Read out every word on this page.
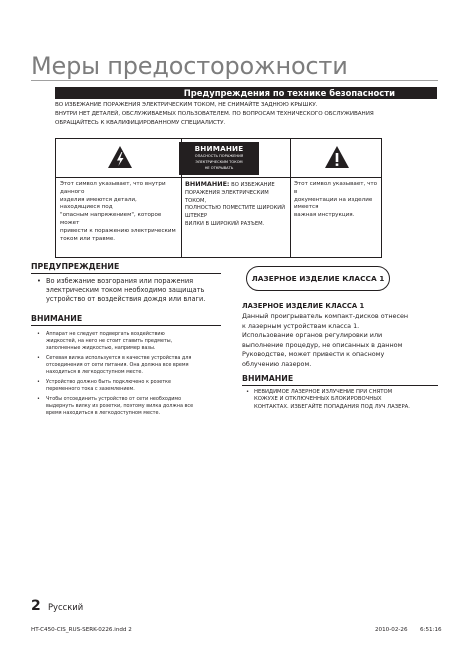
Меры предосторожности
Предупреждения по технике безопасности
ВО ИЗБЕЖАНИЕ ПОРАЖЕНИЯ ЭЛЕКТРИЧЕСКИМ ТОКОМ, НЕ СНИМАЙТЕ ЗАДНЮЮ КРЫШКУ.
ВНУТРИ НЕТ ДЕТАЛЕЙ, ОБСЛУЖИВАЕМЫХ ПОЛЬЗОВАТЕЛЕМ. ПО ВОПРОСАМ ТЕХНИЧЕСКОГО ОБСЛУЖИВАНИЯ
ОБРАЩАЙТЕСЬ К КВАЛИФИЦИРОВАННОМУ СПЕЦИАЛИСТУ.
ВНИМАНИЕ
ОПАСНОСТЬ ПОРАЖЕНИЯ
ЭЛЕКТРИЧЕСКИМ ТОКОМ
НЕ ОТКРЫВАТЬ
Этот символ указывает, что внутри данного
изделия имеются детали, находящиеся под
"опасным напряжением", которое может
привести к поражению электрическим
током или травме.
ВНИМАНИЕ: ВО ИЗБЕЖАНИЕ
ПОРАЖЕНИЯ ЭЛЕКТРИЧЕСКИМ ТОКОМ,
ПОЛНОСТЬЮ ПОМЕСТИТЕ ШИРОКИЙ ШТЕКЕР
ВИЛКИ В ШИРОКИЙ РАЗЪЕМ.
Этот символ указывает, что в
документации на изделие имеется
важная инструкция.
ПРЕДУПРЕЖДЕНИЕ
• Во избежание возгорания или поражения
электрическим током необходимо защищать
устройство от воздействия дождя или влаги.
ВНИМАНИЕ
• Аппарат не следует подвергать воздействию
жидкостей, на него не стоит ставить предметы,
заполненные жидкостью, например вазы.
• Сетевая вилка используется в качестве устройства для
отсоединения от сети питания. Она должна все время
находиться в легкодоступном месте.
• Устройство должно быть подключено к розетке
переменного тока с заземлением.
• Чтобы отсоединить устройство от сети необходимо
выдернуть вилку из розетки, поэтому вилка должна все
время находиться в легкодоступном месте.
ЛАЗЕРНОЕ ИЗДЕЛИЕ КЛАССА 1
ЛАЗЕРНОЕ ИЗДЕЛИЕ КЛАССА 1
Данный проигрыватель компакт-дисков отнесен
к лазерным устройствам класса 1.
Использование органов регулировки или
выполнение процедур, не описанных в данном
Руководстве, может привести к опасному
облучению лазером.
ВНИМАНИЕ
• НЕВИДИМОЕ ЛАЗЕРНОЕ ИЗЛУЧЕНИЕ ПРИ СНЯТОМ
КОЖУХЕ И ОТКЛЮЧЕННЫХ БЛОКИРОВОЧНЫХ
КОНТАКТАХ. ИЗБЕГАЙТЕ ПОПАДАНИЯ ПОД ЛУЧ ЛАЗЕРА.
2 Русский
HT-C450-CIS_RUS-SERK-0226.indd 2	2010-02-26 6:51:16
